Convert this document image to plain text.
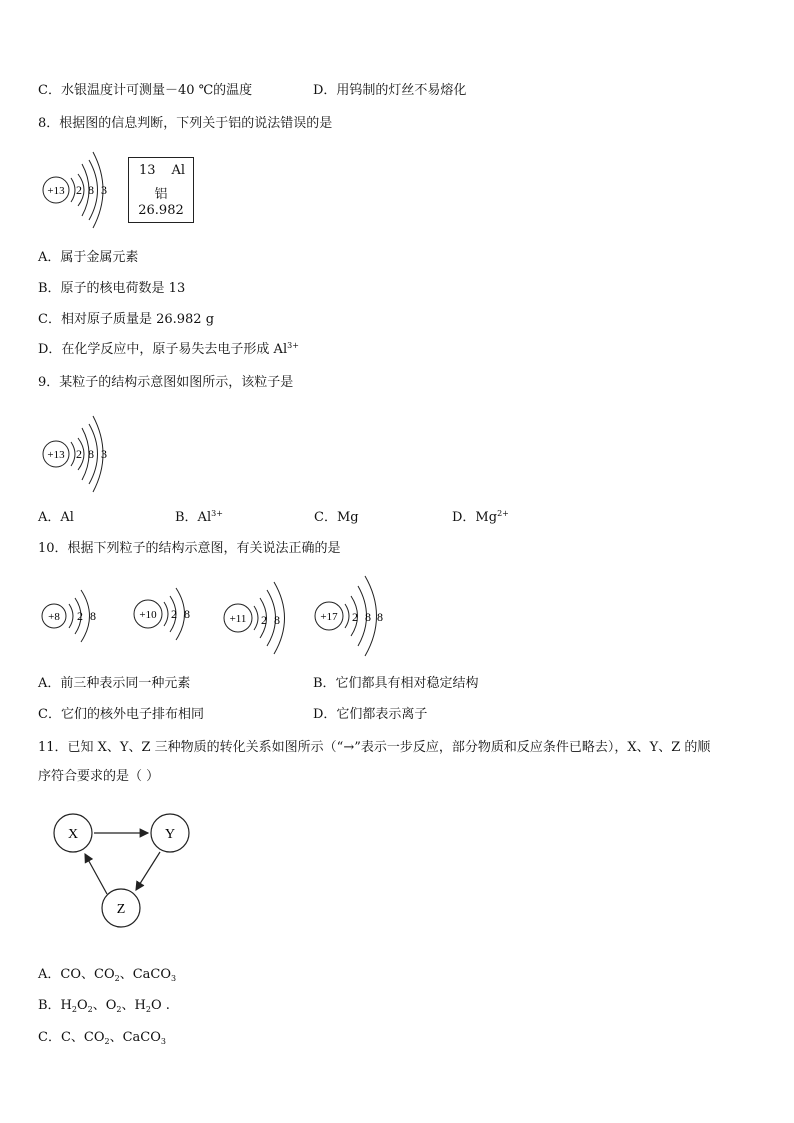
C．水银温度计可测量－40 ℃的温度	D．用钨制的灯丝不易熔化
8．根据图的信息判断，下列关于铝的说法错误的是
+13 2 8 3
13 Al
铝
26.982
A．属于金属元素
B．原子的核电荷数是 13
C．相对原子质量是 26.982 g
D．在化学反应中，原子易失去电子形成 $Al^{3+}$
9．某粒子的结构示意图如图所示，该粒子是
+13 2 8 3
A．Al	B．$Al^{3+}$	C．Mg	D．$Mg^{2+}$
10．根据下列粒子的结构示意图，有关说法正确的是
+8 2 8	+10 2 8	+11 2 8	+17 2 8 8
A．前三种表示同一种元素	B．它们都具有相对稳定结构
C．它们的核外电子排布相同	D．它们都表示离子
11．已知 X、Y、Z 三种物质的转化关系如图所示（“→”表示一步反应，部分物质和反应条件已略去），X、Y、Z 的顺
序符合要求的是（ ）
X	Y
Z
A．CO、$CO_2$、CaCO$_3$
B．$H_2O_2$、$O_2$、$H_2O$ .
C．C、$CO_2$、CaCO$_3$
